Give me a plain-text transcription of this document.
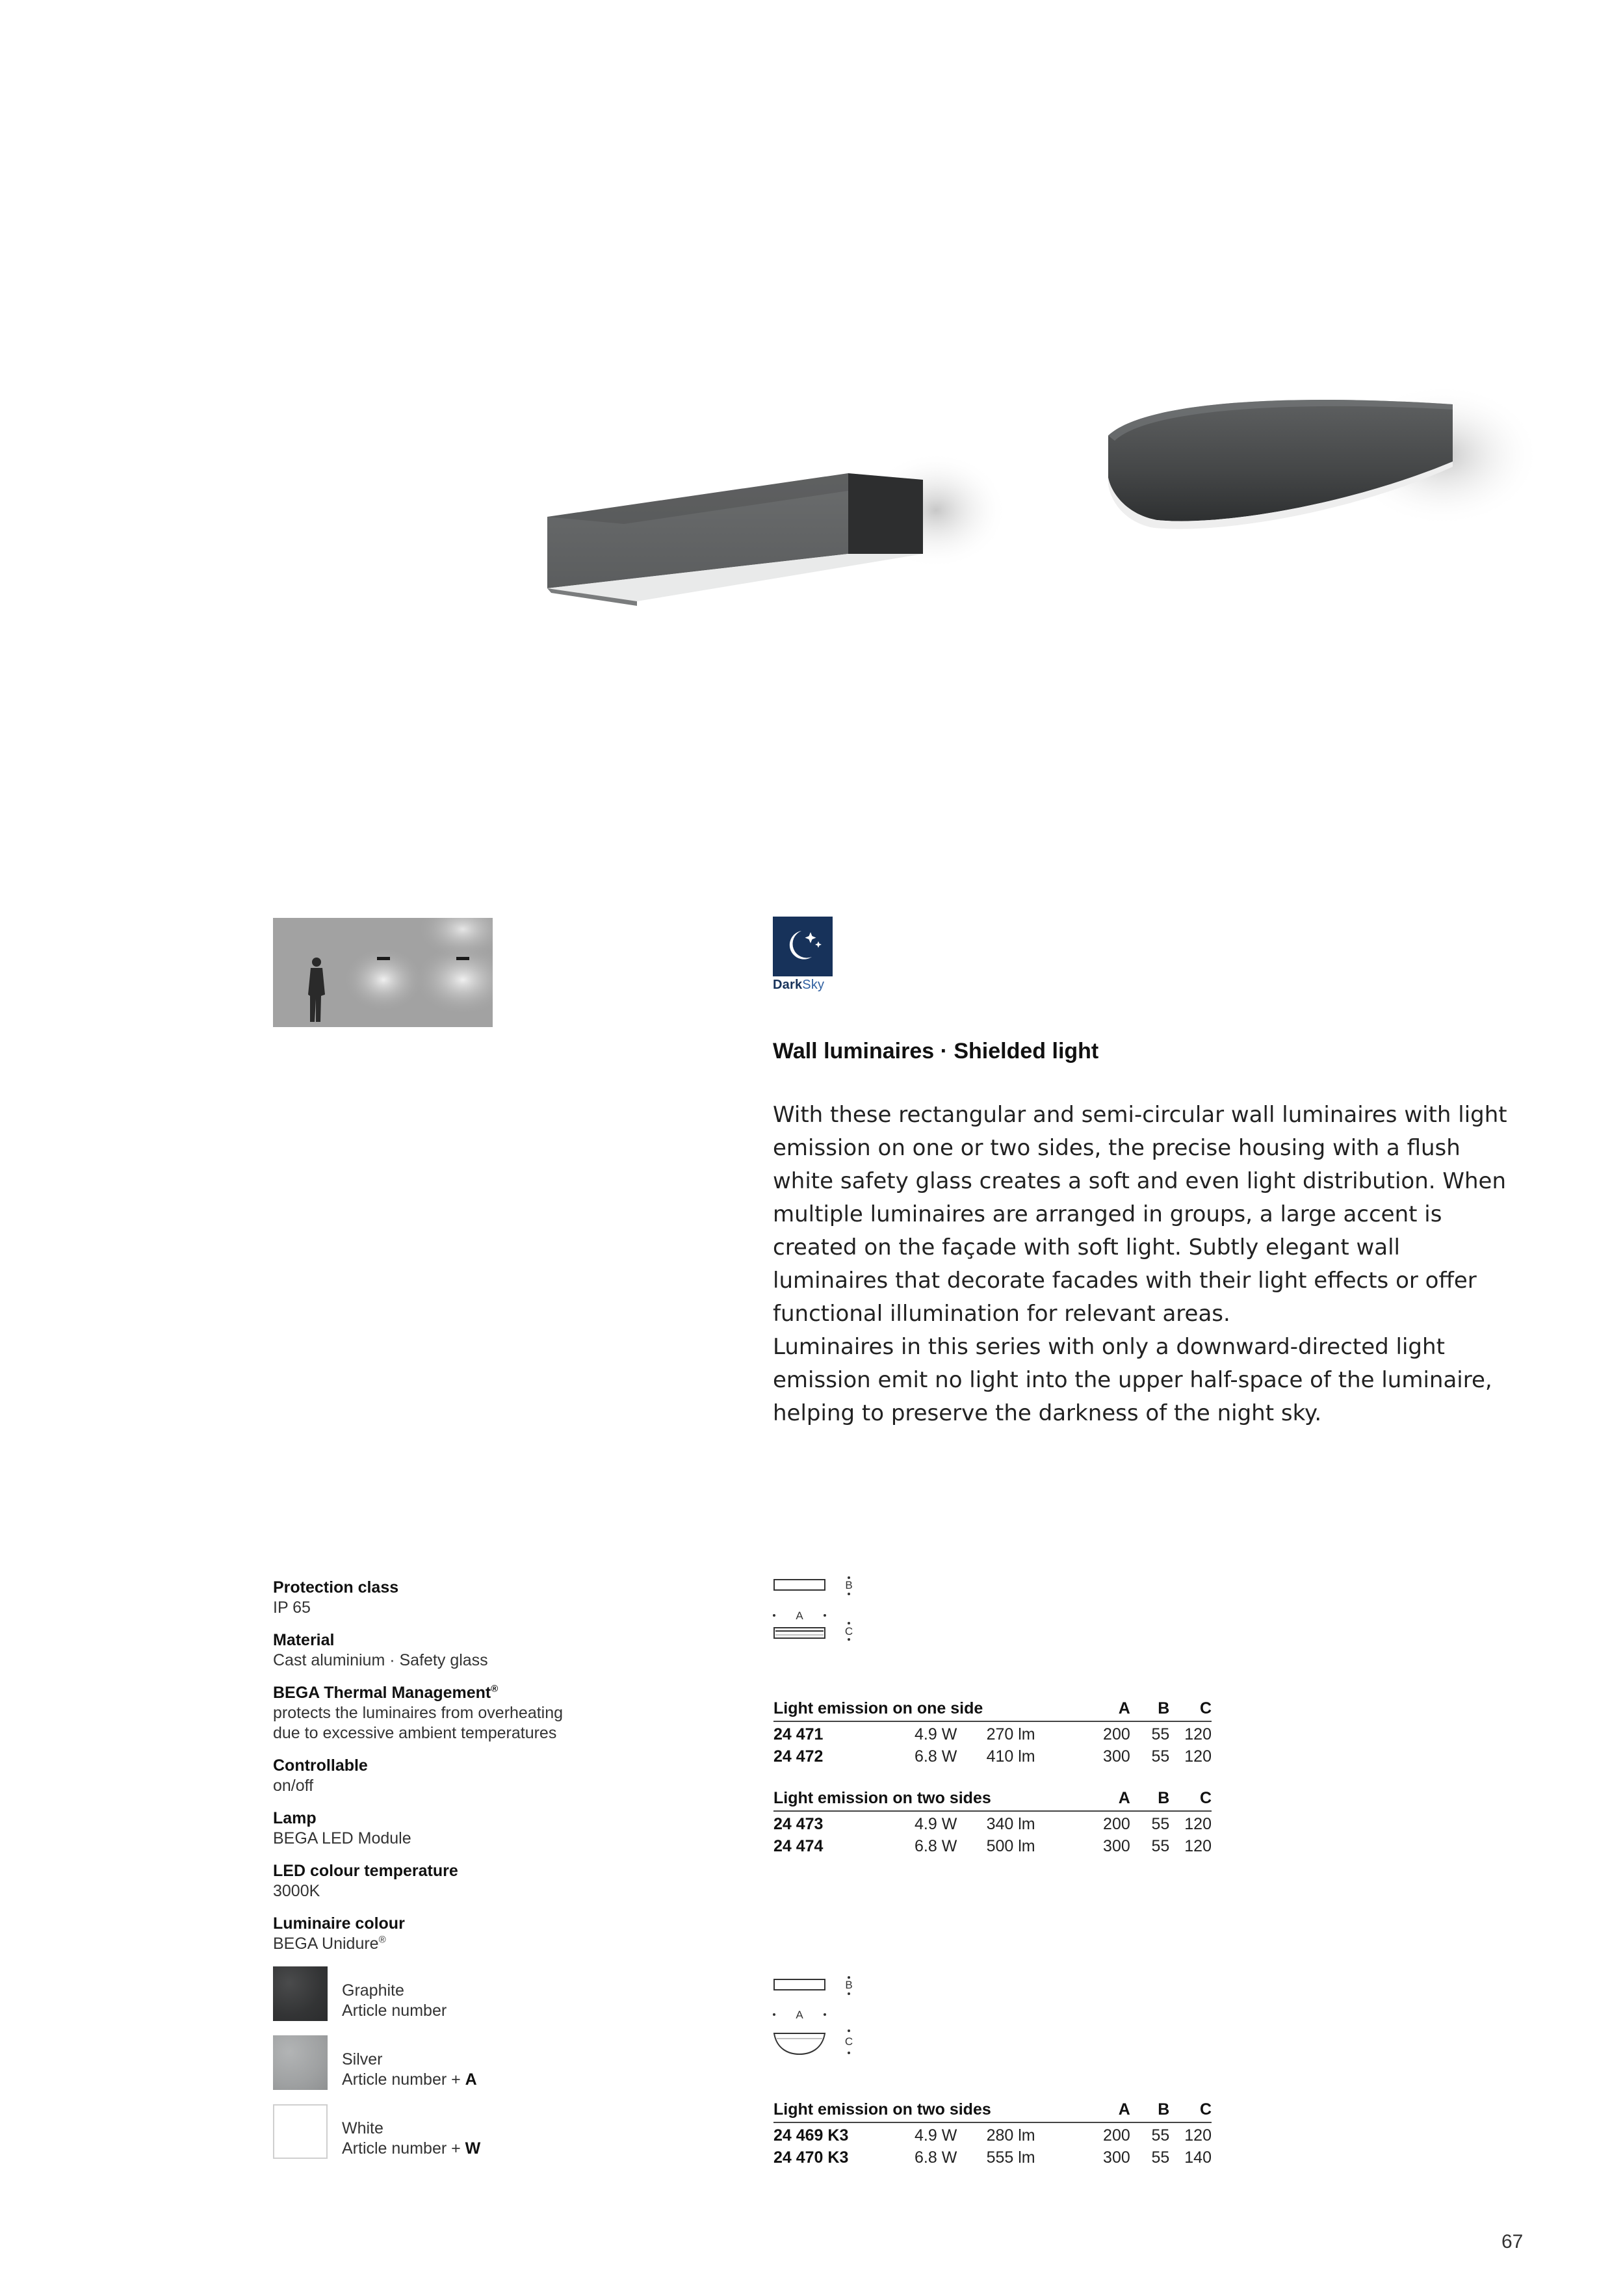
DarkSky
Wall luminaires · Shielded light

With these rectangular and semi-circular wall luminaires with light emission on one or two sides, the precise housing with a flush white safety glass creates a soft and even light distribution. When multiple luminaires are arranged in groups, a large accent is created on the façade with soft light. Subtly elegant wall luminaires that decorate facades with their light effects or offer functional illumination for relevant areas.

Luminaires in this series with only a downward-directed light emission emit no light into the upper half-space of the luminaire, helping to preserve the darkness of the night sky.

Protection class
IP 65
Material
Cast aluminium · Safety glass
BEGA Thermal Management®
protects the luminaires from overheating
due to excessive ambient temperatures
Controllable
on/off
Lamp
BEGA LED Module
LED colour temperature
3000K
Luminaire colour
BEGA Unidure®
Graphite
Article number
Silver
Article number + A
White
Article number + W
A
B
C
Light emission on one side			A	B	C
24 471	4.9 W	270 lm	200	55	120
24 472	6.8 W	410 lm	300	55	120
Light emission on two sides			A	B	C
24 473	4.9 W	340 lm	200	55	120
24 474	6.8 W	500 lm	300	55	120
A
B
C
Light emission on two sides			A	B	C
24 469 K3	4.9 W	280 lm	200	55	120
24 470 K3	6.8 W	555 lm	300	55	140
67
